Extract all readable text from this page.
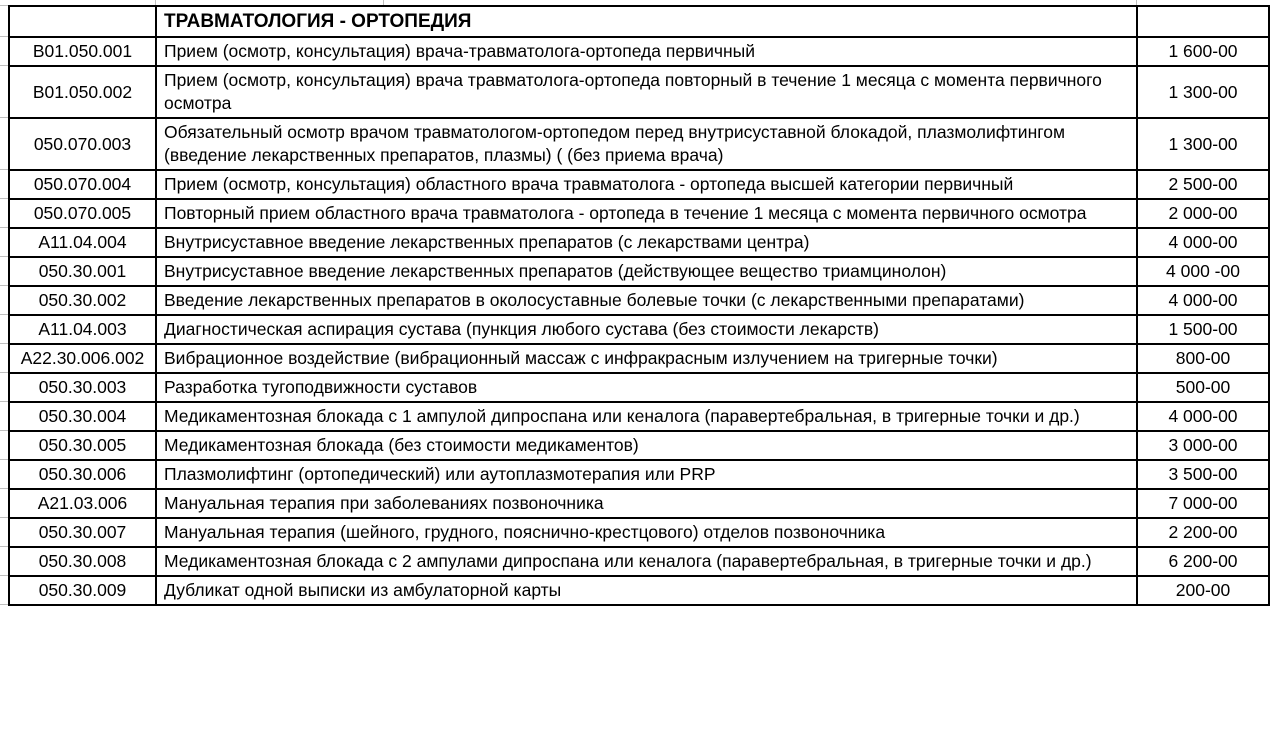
	ТРАВМАТОЛОГИЯ - ОРТОПЕДИЯ	
B01.050.001	Прием (осмотр, консультация) врача-травматолога-ортопеда первичный	1 600-00
B01.050.002	Прием (осмотр, консультация) врача травматолога-ортопеда повторный в течение 1 месяца с момента первичного осмотра	1 300-00
050.070.003	Обязательный осмотр врачом травматологом-ортопедом перед внутрисуставной блокадой, плазмолифтингом (введение лекарственных препаратов, плазмы) ( (без приема врача)	1 300-00
050.070.004	Прием (осмотр, консультация) областного врача травматолога - ортопеда высшей категории первичный	2 500-00
050.070.005	Повторный прием областного врача травматолога - ортопеда в течение 1 месяца с момента первичного осмотра	2 000-00
A11.04.004	Внутрисуставное введение лекарственных препаратов (с лекарствами центра)	4 000-00
050.30.001	Внутрисуставное введение лекарственных препаратов (действующее вещество триамцинолон)	4 000 -00
050.30.002	Введение лекарственных препаратов в околосуставные болевые точки (с лекарственными препаратами)	4 000-00
A11.04.003	Диагностическая аспирация сустава (пункция любого сустава (без стоимости лекарств)	1 500-00
A22.30.006.002	Вибрационное воздействие (вибрационный массаж с инфракрасным излучением на тригерные точки)	800-00
050.30.003	Разработка тугоподвижности суставов	500-00
050.30.004	Медикаментозная блокада с 1 ампулой дипроспана или кеналога (паравертебральная, в тригерные точки и др.)	4 000-00
050.30.005	Медикаментозная блокада (без стоимости медикаментов)	3 000-00
050.30.006	Плазмолифтинг (ортопедический) или аутоплазмотерапия или PRP	3 500-00
A21.03.006	Мануальная терапия при заболеваниях позвоночника	7 000-00
050.30.007	Мануальная терапия (шейного, грудного, пояснично-крестцового) отделов позвоночника	2 200-00
050.30.008	Медикаментозная блокада с 2 ампулами дипроспана или кеналога (паравертебральная, в тригерные точки и др.)	6 200-00
050.30.009	Дубликат одной выписки из амбулаторной карты	200-00
